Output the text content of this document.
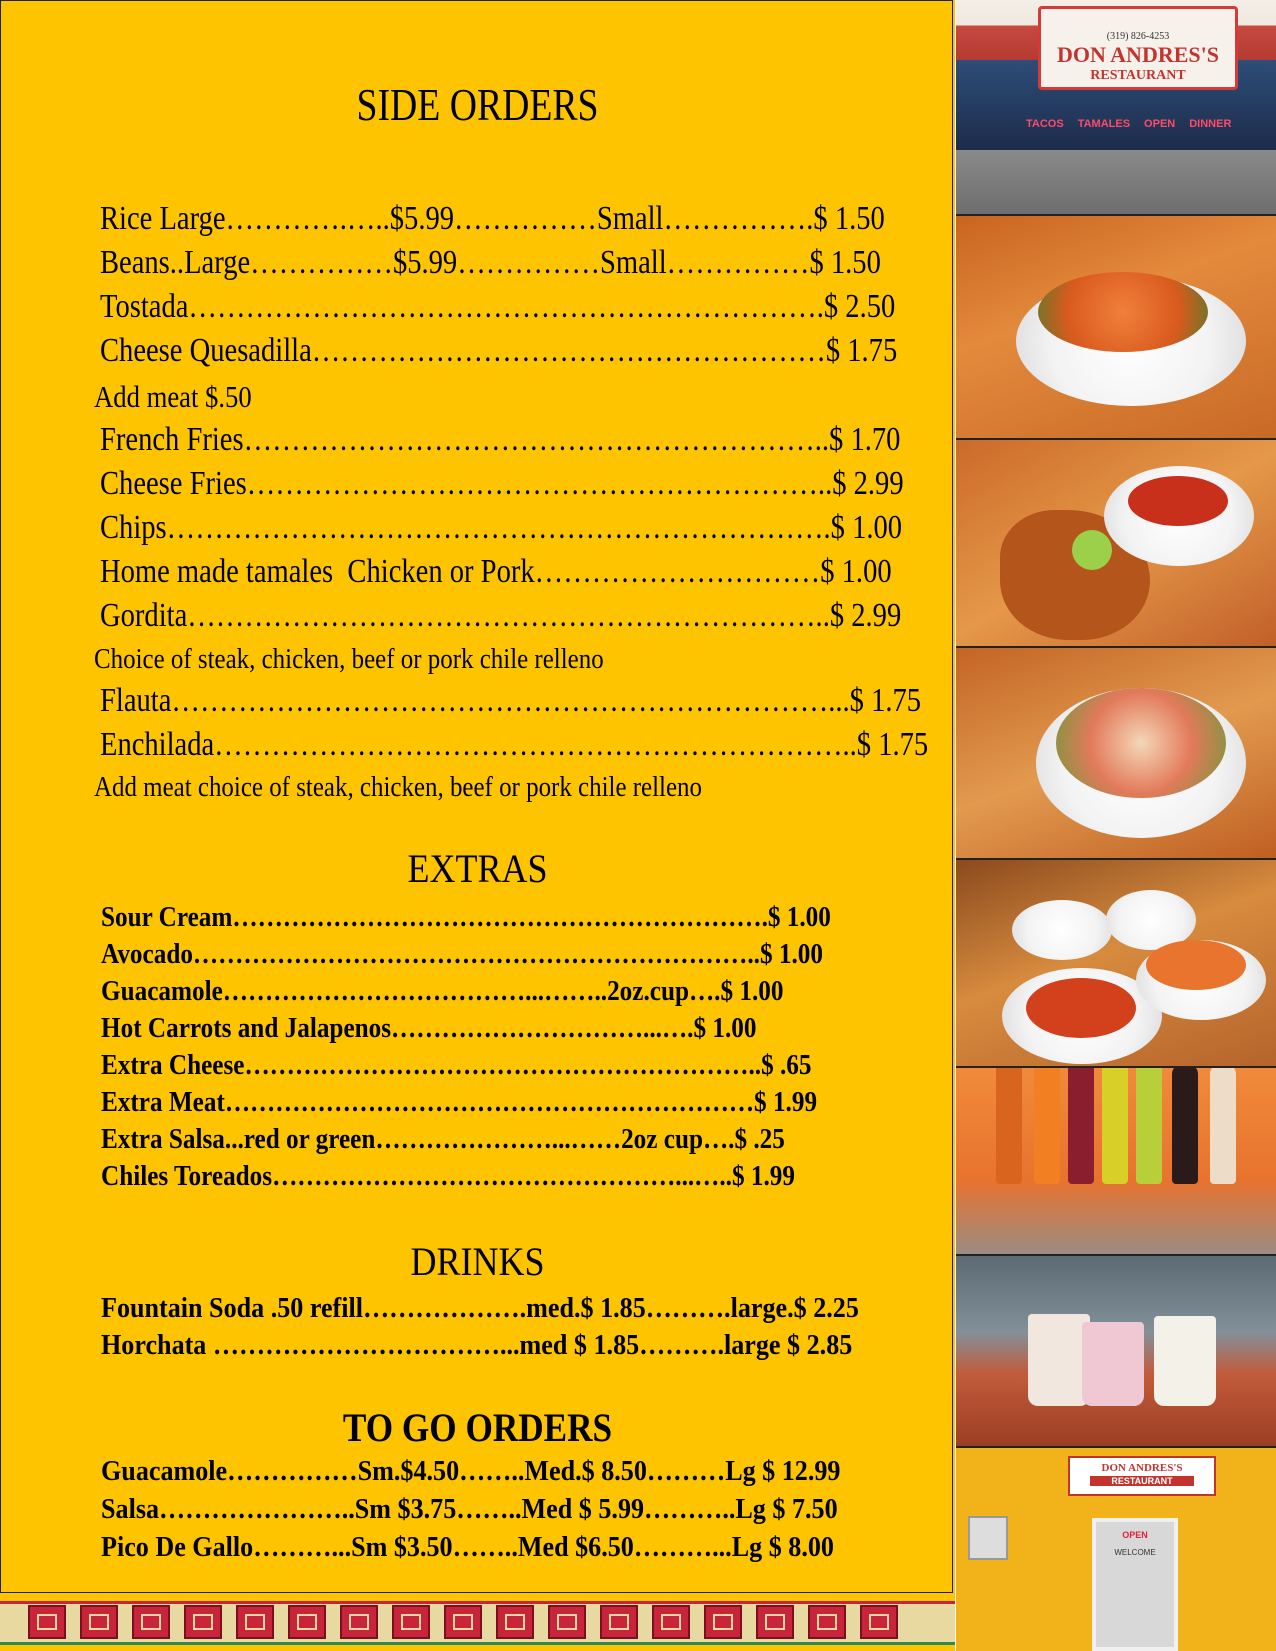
SIDE ORDERS
Rice Large………….…..$5.99……………Small…………….$ 1.50
Beans..Large……………$5.99……………Small……………$ 1.50
Tostada………………………………………………………….$ 2.50
Cheese Quesadilla………………………………………………$ 1.75
Add meat $.50
French Fries……………………………………………………..$ 1.70
Cheese Fries……………………………………………………..$ 2.99
Chips…………………………………………………………….$ 1.00
Home made tamales  Chicken or Pork…………………………$ 1.00
Gordita…………………………………………………………..$ 2.99
Choice of steak, chicken, beef or pork chile relleno
Flauta……………………………………………………………...$ 1.75
Enchilada…………………………………………………………..$ 1.75
Add meat choice of steak, chicken, beef or pork chile relleno
EXTRAS
Sour Cream……………………………………………………….$ 1.00
Avocado…………………………………………………………..$ 1.00
Guacamole………………………………...……..2oz.cup….$ 1.00
Hot Carrots and Jalapenos…………………………...….$ 1.00
Extra Cheese……………………………………………………..$ .65
Extra Meat………………………………………………………$ 1.99
Extra Salsa...red or green…………………...……2oz cup….$ .25
Chiles Toreados…………………………………………...…..$ 1.99
DRINKS
Fountain Soda .50 refill……………….med.$ 1.85……….large.$ 2.25
Horchata ……………………………...med $ 1.85……….large $ 2.85
TO GO ORDERS
Guacamole……………Sm.$4.50……..Med.$ 8.50………Lg $ 12.99
Salsa…………………..Sm $3.75……..Med $ 5.99………..Lg $ 7.50
Pico De Gallo………...Sm $3.50……..Med $6.50………...Lg $ 8.00
(319) 826-4253
DON ANDRES'S
RESTAURANT
TACOS TAMALES OPEN DINNER
DON ANDRES'S
RESTAURANT
OPEN
WELCOME
